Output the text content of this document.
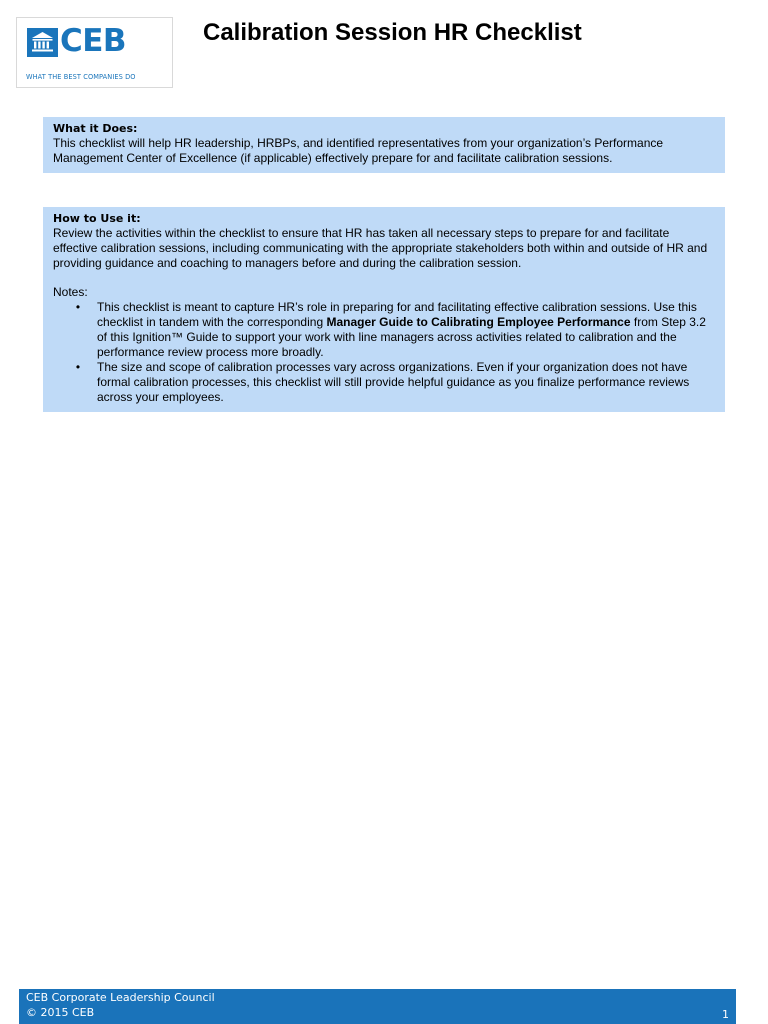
CEB
WHAT THE BEST COMPANIES DO
Calibration Session HR Checklist
What it Does:
This checklist will help HR leadership, HRBPs, and identified representatives from your organization’s Performance Management Center of Excellence (if applicable) effectively prepare for and facilitate calibration sessions.
How to Use it:
Review the activities within the checklist to ensure that HR has taken all necessary steps to prepare for and facilitate effective calibration sessions, including communicating with the appropriate stakeholders both within and outside of HR and providing guidance and coaching to managers before and during the calibration session.
Notes:
• This checklist is meant to capture HR’s role in preparing for and facilitating effective calibration sessions. Use this checklist in tandem with the corresponding Manager Guide to Calibrating Employee Performance from Step 3.2 of this Ignition™ Guide to support your work with line managers across activities related to calibration and the performance review process more broadly.
• The size and scope of calibration processes vary across organizations. Even if your organization does not have formal calibration processes, this checklist will still provide helpful guidance as you finalize performance reviews across your employees.
CEB Corporate Leadership Council
© 2015 CEB	1
